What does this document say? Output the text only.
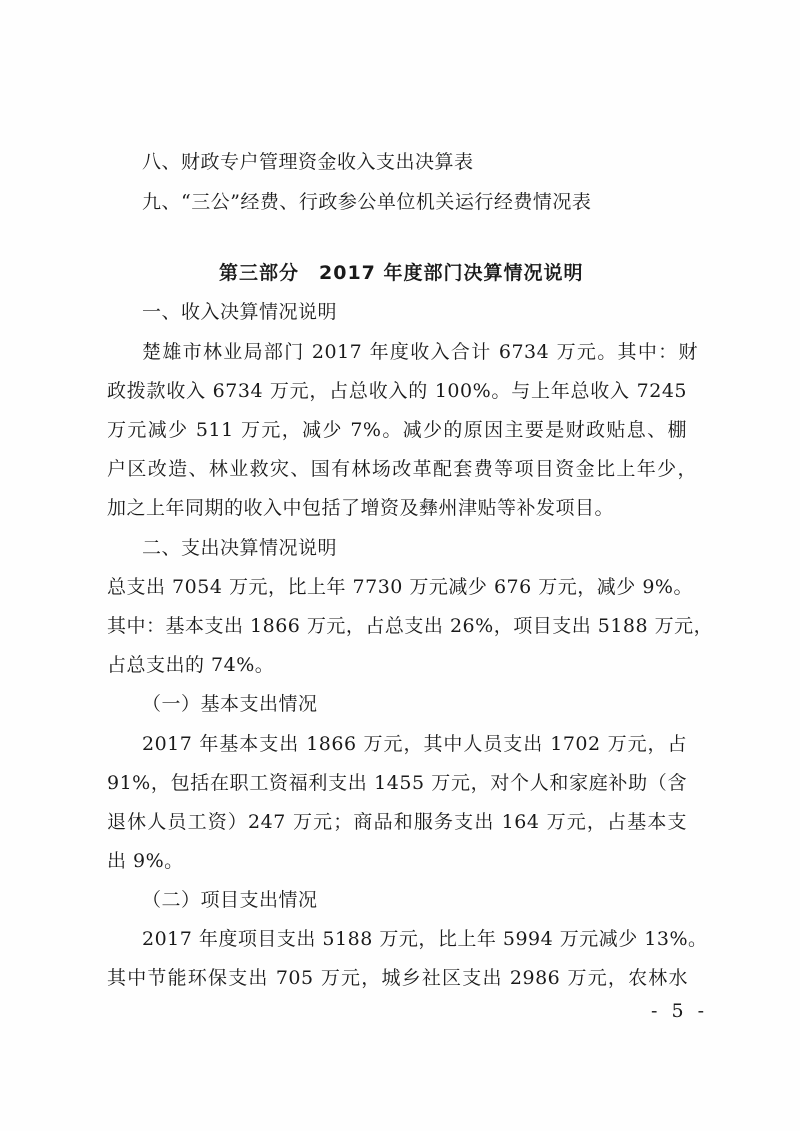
八、财政专户管理资金收入支出决算表
九、“三公”经费、行政参公单位机关运行经费情况表
第三部分　2017 年度部门决算情况说明
一、收入决算情况说明
楚雄市林业局部门 2017 年度收入合计 6734 万元。其中：财
政拨款收入 6734 万元，占总收入的 100%。与上年总收入 7245
万元减少 511 万元，减少 7%。减少的原因主要是财政贴息、棚
户区改造、林业救灾、国有林场改革配套费等项目资金比上年少，
加之上年同期的收入中包括了增资及彝州津贴等补发项目。
二、支出决算情况说明
总支出 7054 万元，比上年 7730 万元减少 676 万元，减少 9%。
其中：基本支出 1866 万元，占总支出 26%，项目支出 5188 万元，
占总支出的 74%。
（一）基本支出情况
2017 年基本支出 1866 万元，其中人员支出 1702 万元，占
91%，包括在职工资福利支出 1455 万元，对个人和家庭补助（含
退休人员工资）247 万元；商品和服务支出 164 万元，占基本支
出 9%。
（二）项目支出情况
2017 年度项目支出 5188 万元，比上年 5994 万元减少 13%。
其中节能环保支出 705 万元，城乡社区支出 2986 万元，农林水
- 5 -
